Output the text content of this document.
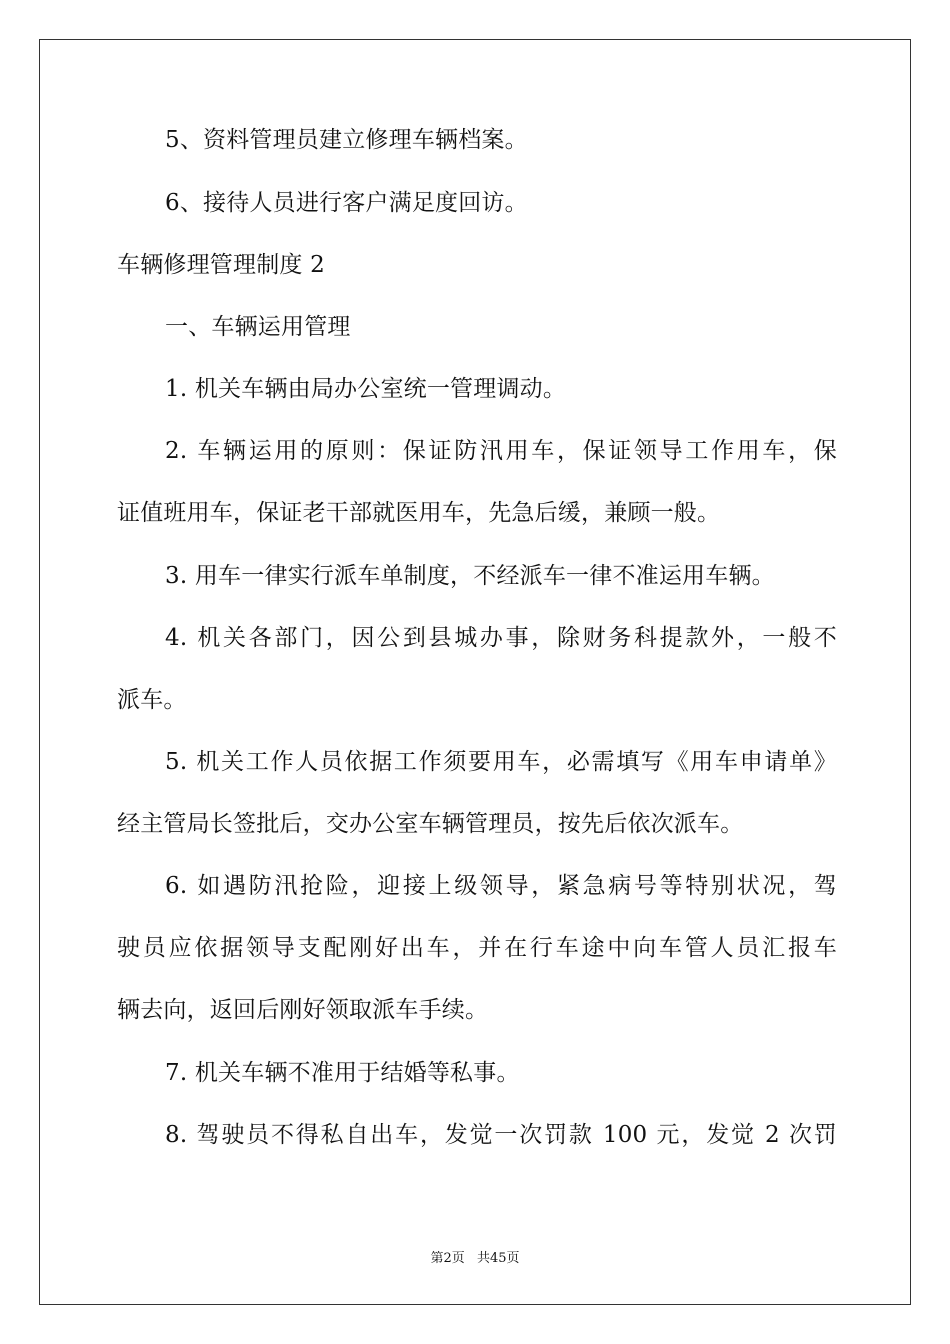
5、资料管理员建立修理车辆档案。
6、接待人员进行客户满足度回访。
车辆修理管理制度 2
一、车辆运用管理
1. 机关车辆由局办公室统一管理调动。
2. 车辆运用的原则：保证防汛用车，保证领导工作用车，保
证值班用车，保证老干部就医用车，先急后缓，兼顾一般。
3. 用车一律实行派车单制度，不经派车一律不准运用车辆。
4. 机关各部门，因公到县城办事，除财务科提款外，一般不
派车。
5. 机关工作人员依据工作须要用车，必需填写《用车申请单》
经主管局长签批后，交办公室车辆管理员，按先后依次派车。
6. 如遇防汛抢险，迎接上级领导，紧急病号等特别状况，驾
驶员应依据领导支配刚好出车，并在行车途中向车管人员汇报车
辆去向，返回后刚好领取派车手续。
7. 机关车辆不准用于结婚等私事。
8. 驾驶员不得私自出车，发觉一次罚款 100 元，发觉 2 次罚
第2页 共45页
